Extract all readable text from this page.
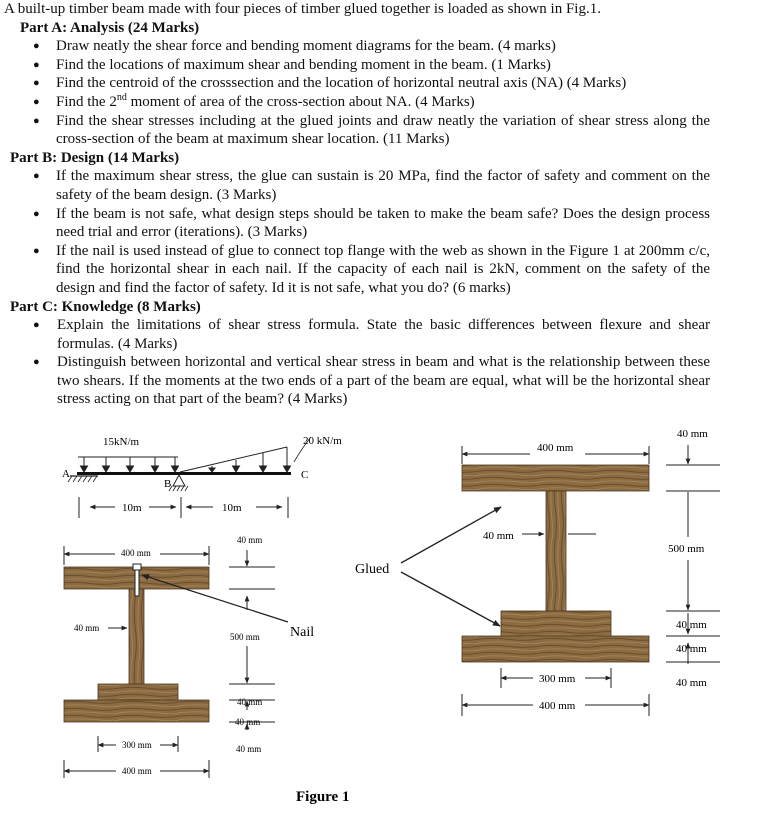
A built-up timber beam made with four pieces of timber glued together is loaded as shown in Fig.1.
Part A: Analysis (24 Marks)
● Draw neatly the shear force and bending moment diagrams for the beam. (4 marks)
● Find the locations of maximum shear and bending moment in the beam. (1 Marks)
● Find the centroid of the crosssection and the location of horizontal neutral axis (NA) (4 Marks)
● Find the 2nd moment of area of the cross-section about NA. (4 Marks)
● Find the shear stresses including at the glued joints and draw neatly the variation of shear stress along the cross-section of the beam at maximum shear location. (11 Marks)
Part B: Design (14 Marks)
● If the maximum shear stress, the glue can sustain is 20 MPa, find the factor of safety and comment on the safety of the beam design. (3 Marks)
● If the beam is not safe, what design steps should be taken to make the beam safe? Does the design process need trial and error (iterations). (3 Marks)
● If the nail is used instead of glue to connect top flange with the web as shown in the Figure 1 at 200mm c/c, find the horizontal shear in each nail. If the capacity of each nail is 2kN, comment on the safety of the design and find the factor of safety. Id it is not safe, what you do? (6 marks)
Part C: Knowledge (8 Marks)
● Explain the limitations of shear stress formula. State the basic differences between flexure and shear formulas. (4 Marks)
● Distinguish between horizontal and vertical shear stress in beam and what is the relationship between these two shears. If the moments at the two ends of a part of the beam are equal, what will be the horizontal shear stress acting on that part of the beam? (4 Marks)
15kN/m	20 kN/m
A
B
C
10m	10m
400 mm
40 mm
40 mm
500 mm
40 mm
40 mm
40 mm
300 mm
400 mm
Nail
Glued
Figure 1
400 mm
40 mm
40 mm
500 mm
40 mm
40 mm
40 mm
300 mm
400 mm
